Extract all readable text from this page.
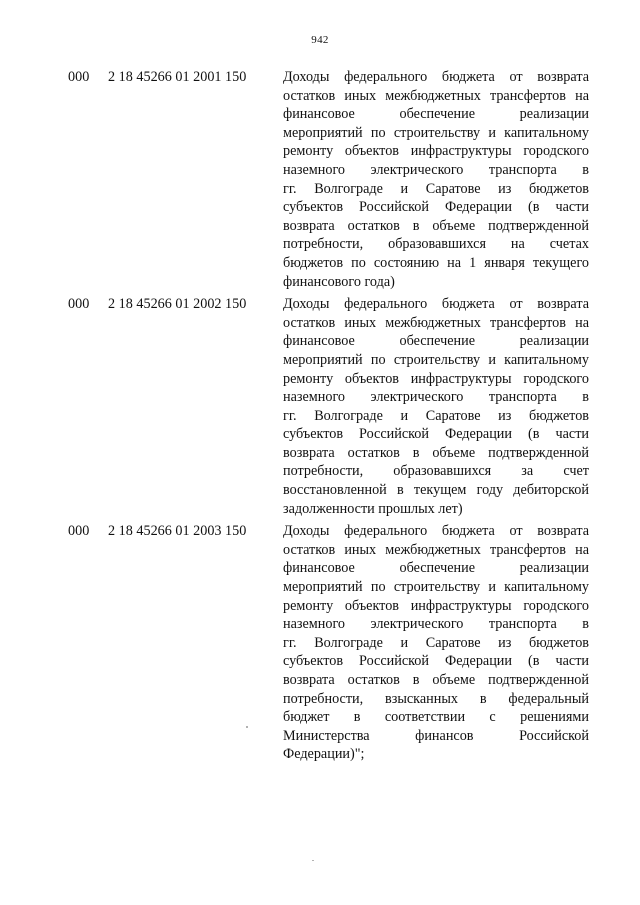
942
000 2 18 45266 01 2001 150	Доходы федерального бюджета от возврата
остатков иных межбюджетных трансфертов на
финансовое обеспечение реализации
мероприятий по строительству и капитальному
ремонту объектов инфраструктуры городского
наземного электрического транспорта в
гг. Волгограде и Саратове из бюджетов
субъектов Российской Федерации (в части
возврата остатков в объеме подтвержденной
потребности, образовавшихся на счетах
бюджетов по состоянию на 1 января текущего
финансового года)
000 2 18 45266 01 2002 150	Доходы федерального бюджета от возврата
остатков иных межбюджетных трансфертов на
финансовое обеспечение реализации
мероприятий по строительству и капитальному
ремонту объектов инфраструктуры городского
наземного электрического транспорта в
гг. Волгограде и Саратове из бюджетов
субъектов Российской Федерации (в части
возврата остатков в объеме подтвержденной
потребности, образовавшихся за счет
восстановленной в текущем году дебиторской
задолженности прошлых лет)
000 2 18 45266 01 2003 150	Доходы федерального бюджета от возврата
остатков иных межбюджетных трансфертов на
финансовое обеспечение реализации
мероприятий по строительству и капитальному
ремонту объектов инфраструктуры городского
наземного электрического транспорта в
гг. Волгограде и Саратове из бюджетов
субъектов Российской Федерации (в части
возврата остатков в объеме подтвержденной
потребности, взысканных в федеральный
бюджет в соответствии с решениями
Министерства финансов Российской
Федерации)";
